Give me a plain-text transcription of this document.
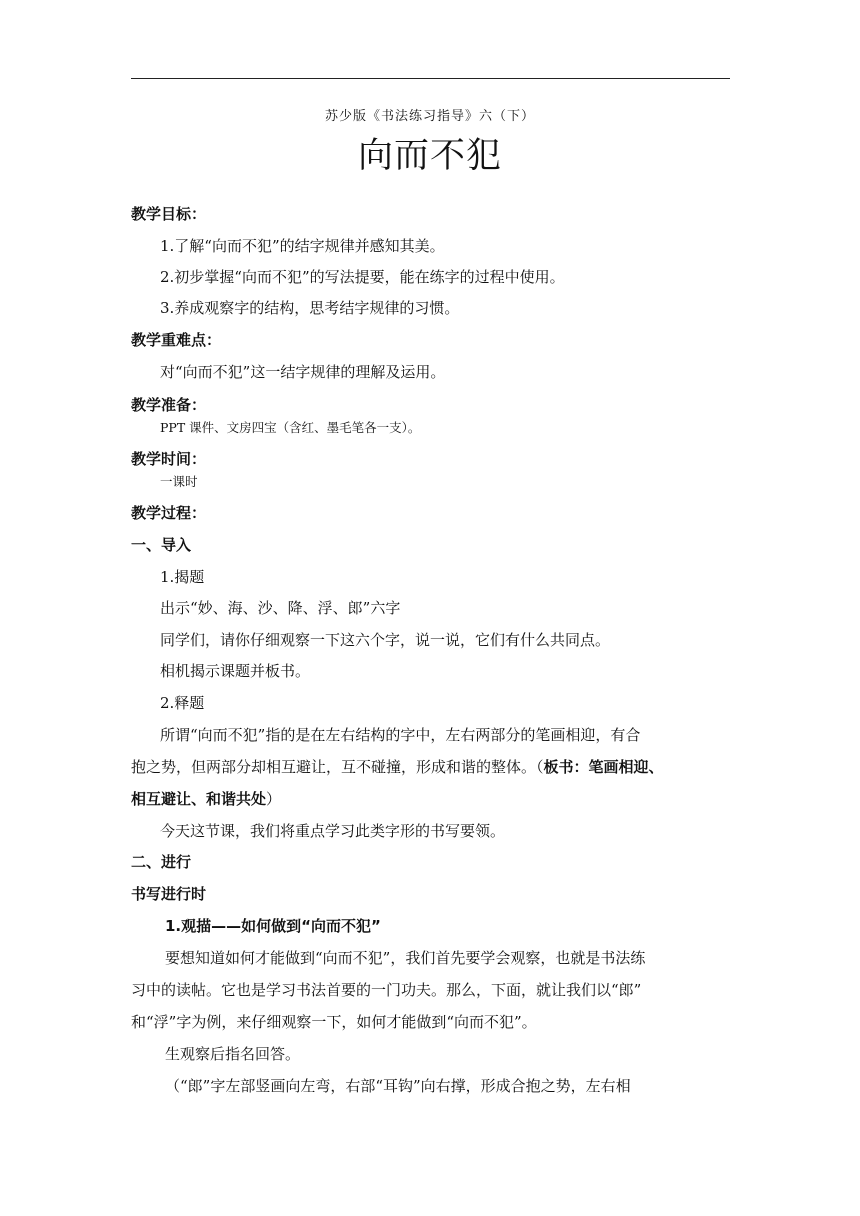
苏少版《书法练习指导》六（下）
向而不犯
教学目标：
1.了解“向而不犯”的结字规律并感知其美。
2.初步掌握“向而不犯”的写法提要，能在练字的过程中使用。
3.养成观察字的结构，思考结字规律的习惯。
教学重难点：
对“向而不犯”这一结字规律的理解及运用。
教学准备：
PPT 课件、文房四宝（含红、墨毛笔各一支）。
教学时间：
一课时
教学过程：
一、导入
1.揭题
出示“妙、海、沙、降、浮、郎”六字
同学们，请你仔细观察一下这六个字，说一说，它们有什么共同点。
相机揭示课题并板书。
2.释题
所谓“向而不犯”指的是在左右结构的字中，左右两部分的笔画相迎，有合
抱之势，但两部分却相互避让，互不碰撞，形成和谐的整体。（板书：笔画相迎、
相互避让、和谐共处）
今天这节课，我们将重点学习此类字形的书写要领。
二、进行
书写进行时
1.观描——如何做到“向而不犯”
要想知道如何才能做到“向而不犯”，我们首先要学会观察，也就是书法练
习中的读帖。它也是学习书法首要的一门功夫。那么，下面，就让我们以“郎”
和“浮”字为例，来仔细观察一下，如何才能做到“向而不犯”。
生观察后指名回答。
（“郎”字左部竖画向左弯，右部“耳钩”向右撑，形成合抱之势，左右相
